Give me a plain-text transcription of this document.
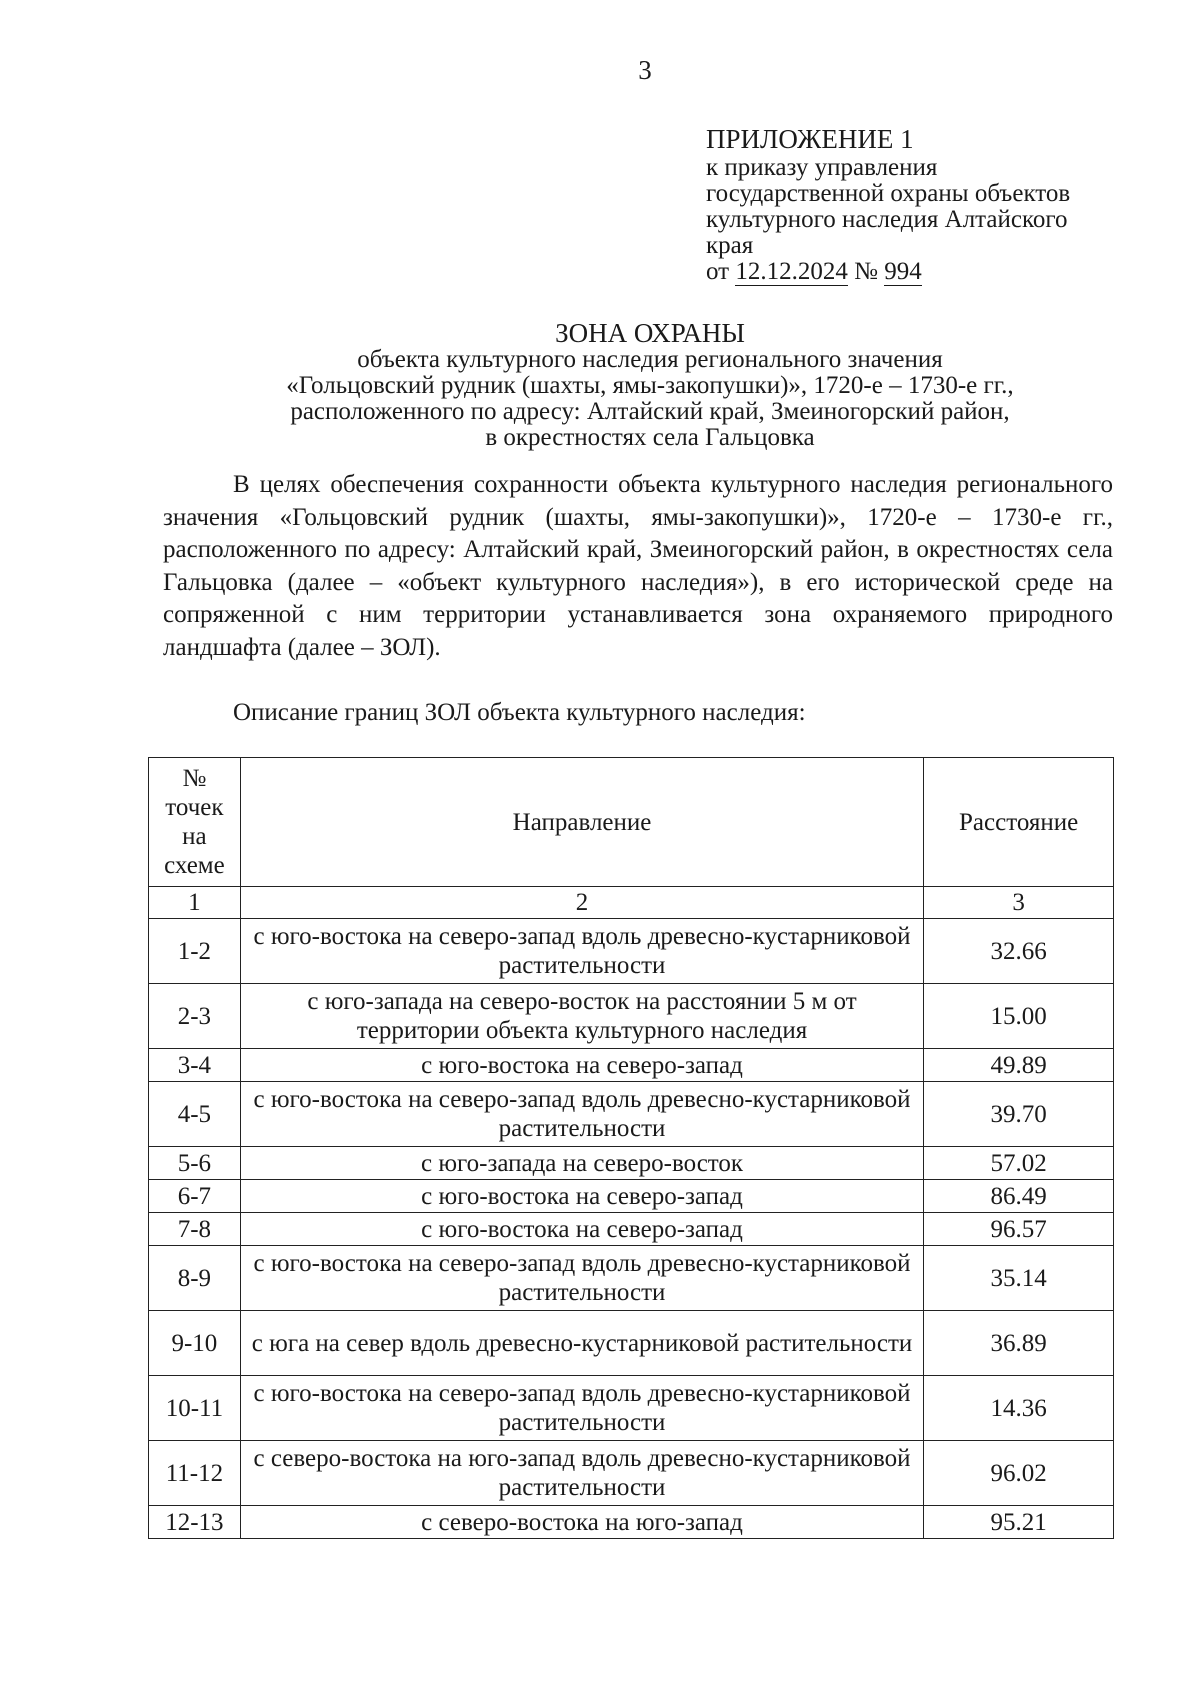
3
ПРИЛОЖЕНИЕ 1
к приказу управления
государственной охраны объектов
культурного наследия Алтайского
края
от 12.12.2024 № 994
ЗОНА ОХРАНЫ
объекта культурного наследия регионального значения
«Гольцовский рудник (шахты, ямы-закопушки)», 1720-е – 1730-е гг.,
расположенного по адресу: Алтайский край, Змеиногорский район,
в окрестностях села Гальцовка

В целях обеспечения сохранности объекта культурного наследия регионального значения «Гольцовский рудник (шахты, ямы-закопушки)», 1720-е – 1730-е гг., расположенного по адресу: Алтайский край, Змеиногорский район, в окрестностях села Гальцовка (далее – «объект культурного наследия»), в его исторической среде на сопряженной с ним территории устанавливается зона охраняемого природного ландшафта (далее – ЗОЛ).

Описание границ ЗОЛ объекта культурного наследия:
№ точек на схеме	Направление	Расстояние
1	2	3
1-2	с юго-востока на северо-запад вдоль древесно-кустарниковой растительности	32.66
2-3	с юго-запада на северо-восток на расстоянии 5 м от территории объекта культурного наследия	15.00
3-4	с юго-востока на северо-запад	49.89
4-5	с юго-востока на северо-запад вдоль древесно-кустарниковой растительности	39.70
5-6	с юго-запада на северо-восток	57.02
6-7	с юго-востока на северо-запад	86.49
7-8	с юго-востока на северо-запад	96.57
8-9	с юго-востока на северо-запад вдоль древесно-кустарниковой растительности	35.14
9-10	с юга на север вдоль древесно-кустарниковой растительности	36.89
10-11	с юго-востока на северо-запад вдоль древесно-кустарниковой растительности	14.36
11-12	с северо-востока на юго-запад вдоль древесно-кустарниковой растительности	96.02
12-13	с северо-востока на юго-запад	95.21
